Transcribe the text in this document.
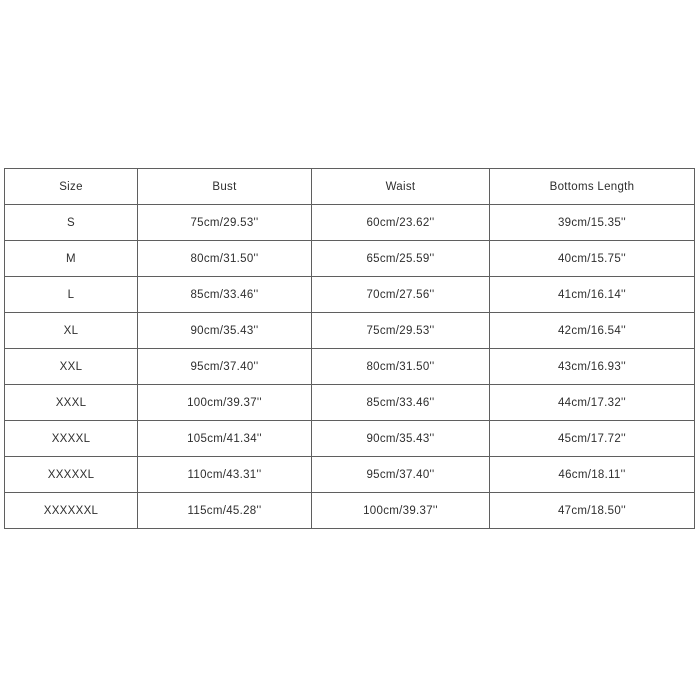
Size	Bust	Waist	Bottoms Length
S	75cm/29.53''	60cm/23.62''	39cm/15.35''
M	80cm/31.50''	65cm/25.59''	40cm/15.75''
L	85cm/33.46''	70cm/27.56''	41cm/16.14''
XL	90cm/35.43''	75cm/29.53''	42cm/16.54''
XXL	95cm/37.40''	80cm/31.50''	43cm/16.93''
XXXL	100cm/39.37''	85cm/33.46''	44cm/17.32''
XXXXL	105cm/41.34''	90cm/35.43''	45cm/17.72''
XXXXXL	110cm/43.31''	95cm/37.40''	46cm/18.11''
XXXXXXL	115cm/45.28''	100cm/39.37''	47cm/18.50''
